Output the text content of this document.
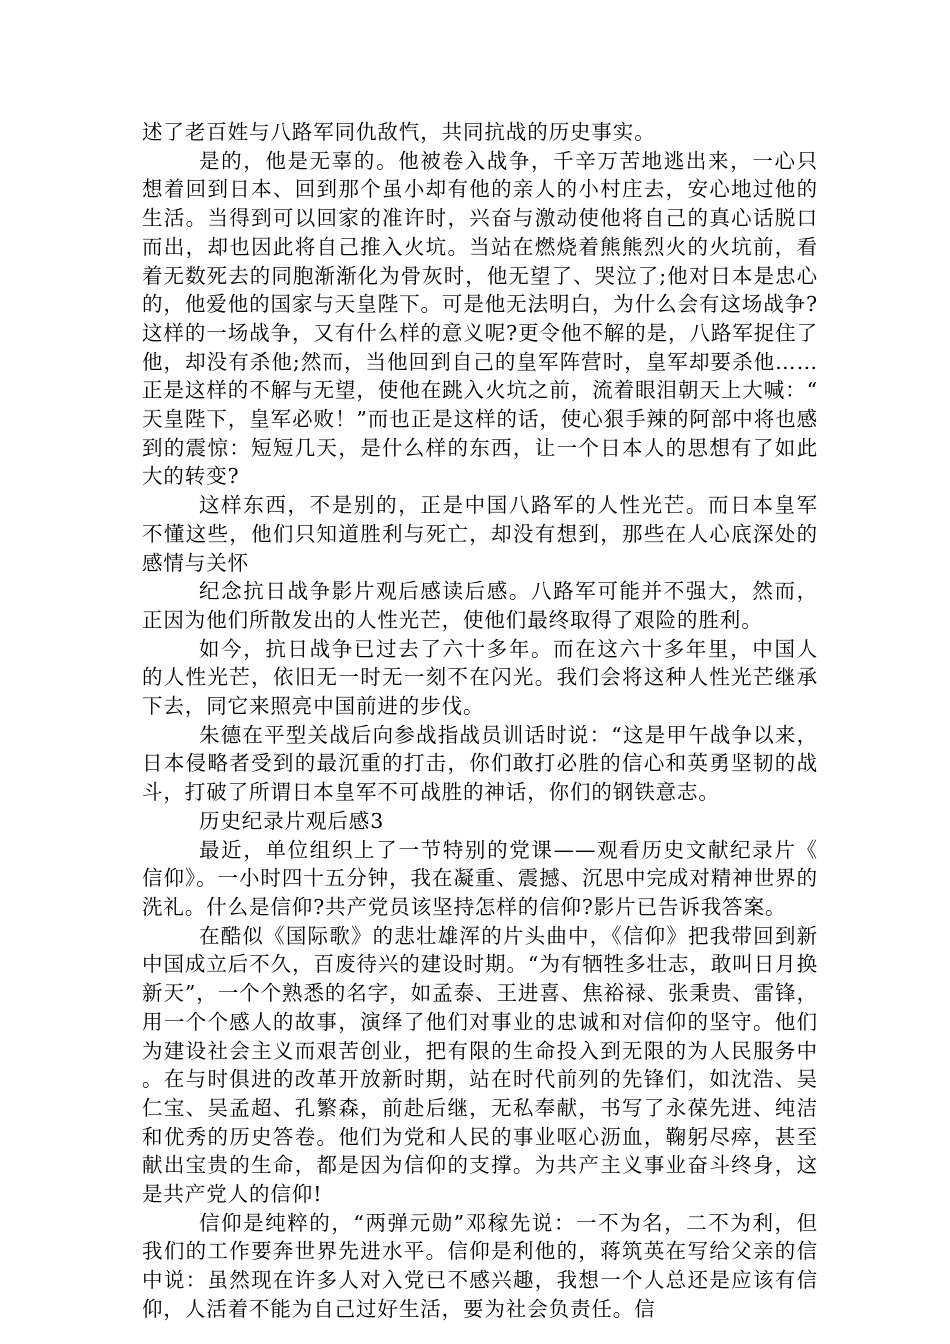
述了老百姓与八路军同仇敌忾，共同抗战的历史事实。

是的，他是无辜的。他被卷入战争，千辛万苦地逃出来，一心只想着回到日本、回到那个虽小却有他的亲人的小村庄去，安心地过他的生活。当得到可以回家的准许时，兴奋与激动使他将自己的真心话脱口而出，却也因此将自己推入火坑。当站在燃烧着熊熊烈火的火坑前，看着无数死去的同胞渐渐化为骨灰时，他无望了、哭泣了;他对日本是忠心的，他爱他的国家与天皇陛下。可是他无法明白，为什么会有这场战争?这样的一场战争，又有什么样的意义呢?更令他不解的是，八路军捉住了他，却没有杀他;然而，当他回到自己的皇军阵营时，皇军却要杀他……正是这样的不解与无望，使他在跳入火坑之前，流着眼泪朝天上大喊：“天皇陛下，皇军必败！”而也正是这样的话，使心狠手辣的阿部中将也感到的震惊：短短几天，是什么样的东西，让一个日本人的思想有了如此大的转变?

这样东西，不是别的，正是中国八路军的人性光芒。而日本皇军不懂这些，他们只知道胜利与死亡，却没有想到，那些在人心底深处的感情与关怀

纪念抗日战争影片观后感读后感。八路军可能并不强大，然而，正因为他们所散发出的人性光芒，使他们最终取得了艰险的胜利。

如今，抗日战争已过去了六十多年。而在这六十多年里，中国人的人性光芒，依旧无一时无一刻不在闪光。我们会将这种人性光芒继承下去，同它来照亮中国前进的步伐。

朱德在平型关战后向参战指战员训话时说：“这是甲午战争以来，日本侵略者受到的最沉重的打击，你们敢打必胜的信心和英勇坚韧的战斗，打破了所谓日本皇军不可战胜的神话，你们的钢铁意志。

历史纪录片观后感3

最近，单位组织上了一节特别的党课——观看历史文献纪录片《信仰》。一小时四十五分钟，我在凝重、震撼、沉思中完成对精神世界的洗礼。什么是信仰?共产党员该坚持怎样的信仰?影片已告诉我答案。

在酷似《国际歌》的悲壮雄浑的片头曲中，《信仰》把我带回到新中国成立后不久，百废待兴的建设时期。“为有牺牲多壮志，敢叫日月换新天”，一个个熟悉的名字，如孟泰、王进喜、焦裕禄、张秉贵、雷锋，用一个个感人的故事，演绎了他们对事业的忠诚和对信仰的坚守。他们为建设社会主义而艰苦创业，把有限的生命投入到无限的为人民服务中。在与时俱进的改革开放新时期，站在时代前列的先锋们，如沈浩、吴仁宝、吴孟超、孔繁森，前赴后继，无私奉献，书写了永葆先进、纯洁和优秀的历史答卷。他们为党和人民的事业呕心沥血，鞠躬尽瘁，甚至献出宝贵的生命，都是因为信仰的支撑。为共产主义事业奋斗终身，这是共产党人的信仰!

信仰是纯粹的，“两弹元勋”邓稼先说：一不为名，二不为利，但我们的工作要奔世界先进水平。信仰是利他的，蒋筑英在写给父亲的信中说：虽然现在许多人对入党已不感兴趣，我想一个人总还是应该有信仰，人活着不能为自己过好生活，要为社会负责任。信
